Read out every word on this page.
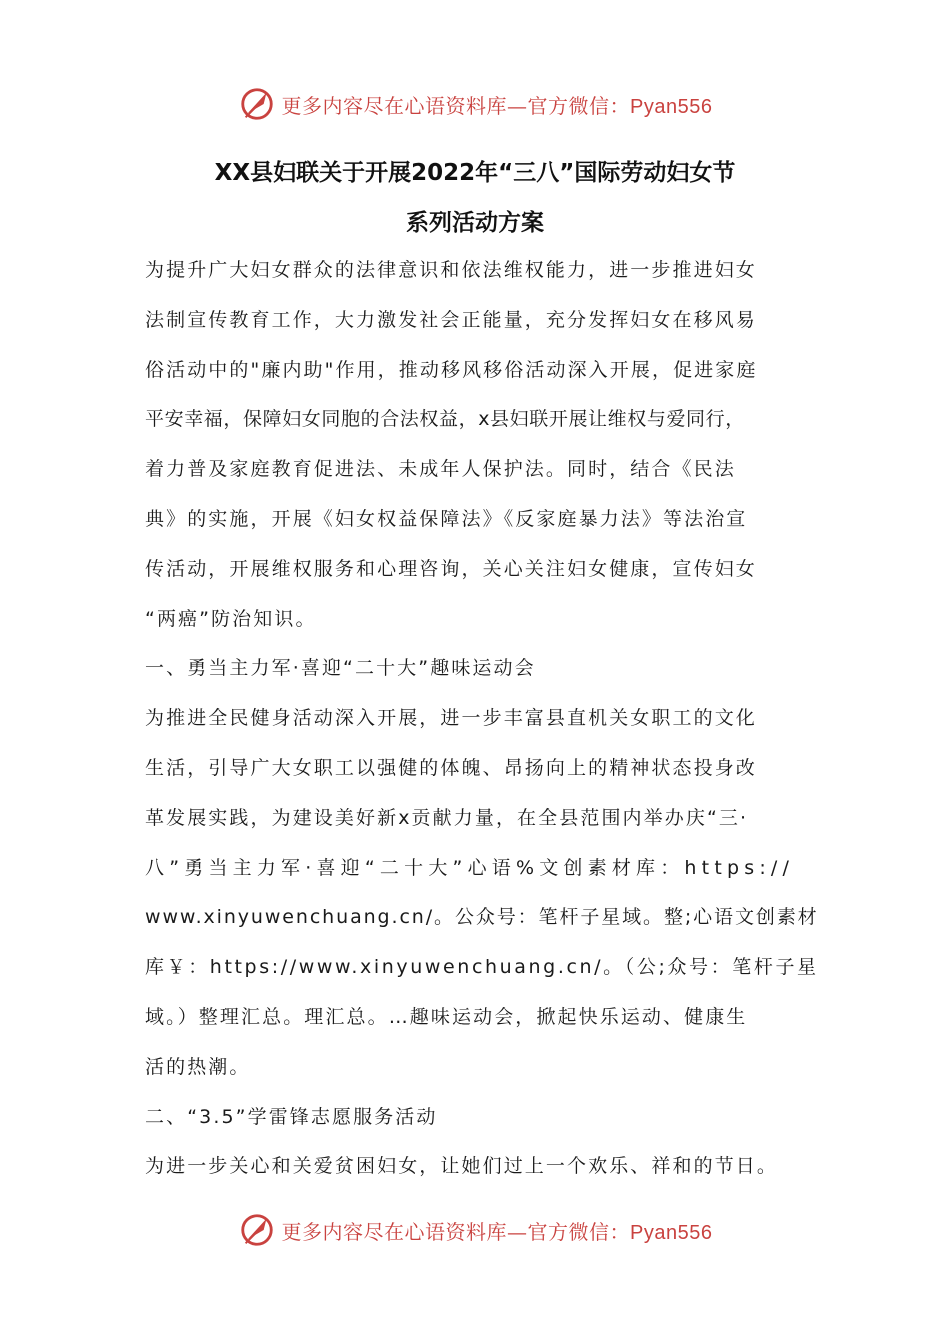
更多内容尽在心语资料库—官方微信：Pyan556
XX县妇联关于开展2022年“三八”国际劳动妇女节
系列活动方案
为提升广大妇女群众的法律意识和依法维权能力，进一步推进妇女
法制宣传教育工作，大力激发社会正能量，充分发挥妇女在移风易
俗活动中的"廉内助"作用，推动移风移俗活动深入开展，促进家庭
平安幸福，保障妇女同胞的合法权益，x县妇联开展让维权与爱同行，
着力普及家庭教育促进法、未成年人保护法。同时，结合《民法
典》的实施，开展《妇女权益保障法》《反家庭暴力法》等法治宣
传活动，开展维权服务和心理咨询，关心关注妇女健康，宣传妇女
“两癌”防治知识。
一、勇当主力军·喜迎“二十大”趣味运动会
为推进全民健身活动深入开展，进一步丰富县直机关女职工的文化
生活，引导广大女职工以强健的体魄、昂扬向上的精神状态投身改
革发展实践，为建设美好新x贡献力量，在全县范围内举办庆“三·
八”勇当主力军·喜迎“二十大”心语%文创素材库：https://
www.xinyuwenchuang.cn/。公众号：笔杆子星域。整;心语文创素材
库￥：https://www.xinyuwenchuang.cn/。（公;众号：笔杆子星
域。）整理汇总。理汇总。…趣味运动会，掀起快乐运动、健康生
活的热潮。
二、“3.5”学雷锋志愿服务活动
为进一步关心和关爱贫困妇女，让她们过上一个欢乐、祥和的节日。
更多内容尽在心语资料库—官方微信：Pyan556
